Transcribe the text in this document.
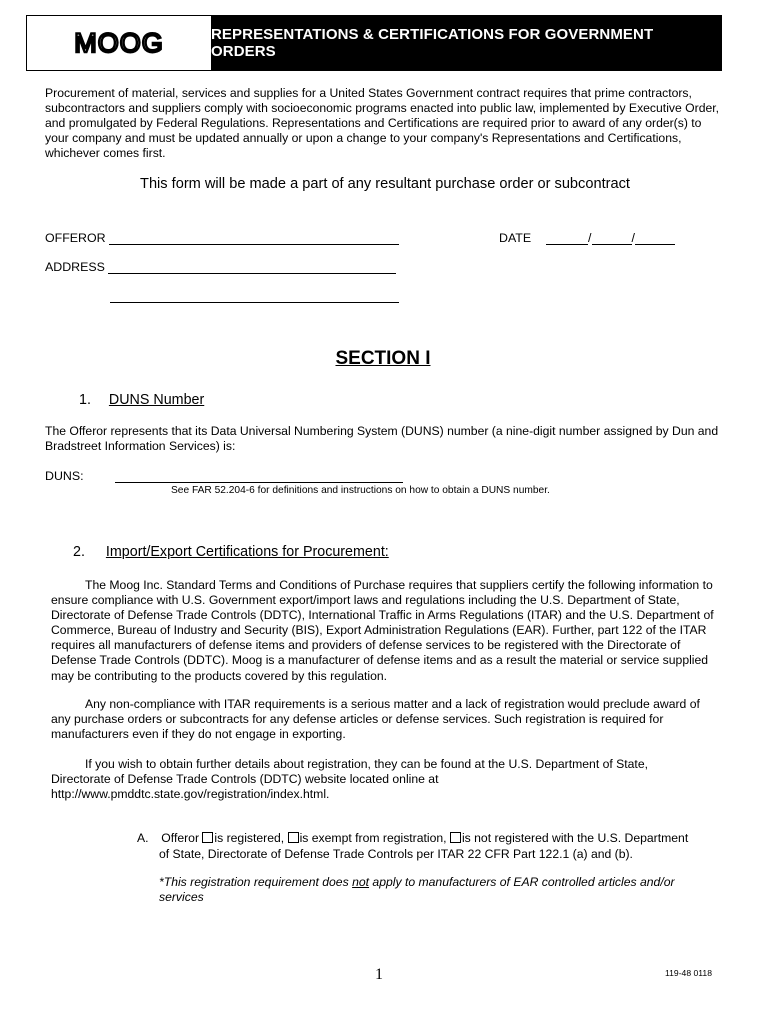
MOOG	REPRESENTATIONS & CERTIFICATIONS FOR GOVERNMENT ORDERS
Procurement of material, services and supplies for a United States Government contract requires that prime contractors, subcontractors and suppliers comply with socioeconomic programs enacted into public law, implemented by Executive Order, and promulgated by Federal Regulations. Representations and Certifications are required prior to award of any order(s) to your company and must be updated annually or upon a change to your company's Representations and Certifications, whichever comes first.
This form will be made a part of any resultant purchase order or subcontract
OFFEROR	DATE	/	/
ADDRESS
SECTION I
1. DUNS Number
The Offeror represents that its Data Universal Numbering System (DUNS) number (a nine-digit number assigned by Dun and Bradstreet Information Services) is:
DUNS:
See FAR 52.204-6 for definitions and instructions on how to obtain a DUNS number.
2. Import/Export Certifications for Procurement:
The Moog Inc. Standard Terms and Conditions of Purchase requires that suppliers certify the following information to ensure compliance with U.S. Government export/import laws and regulations including the U.S. Department of State, Directorate of Defense Trade Controls (DDTC), International Traffic in Arms Regulations (ITAR) and the U.S. Department of Commerce, Bureau of Industry and Security (BIS), Export Administration Regulations (EAR). Further, part 122 of the ITAR requires all manufacturers of defense items and providers of defense services to be registered with the Directorate of Defense Trade Controls (DDTC). Moog is a manufacturer of defense items and as a result the material or service supplied may be contributing to the products covered by this regulation.
Any non-compliance with ITAR requirements is a serious matter and a lack of registration would preclude award of any purchase orders or subcontracts for any defense articles or defense services. Such registration is required for manufacturers even if they do not engage in exporting.
If you wish to obtain further details about registration, they can be found at the U.S. Department of State, Directorate of Defense Trade Controls (DDTC) website located online at http://www.pmddtc.state.gov/registration/index.html.
A. Offeror is registered, is exempt from registration, is not registered with the U.S. Department
of State, Directorate of Defense Trade Controls per ITAR 22 CFR Part 122.1 (a) and (b).
*This registration requirement does not apply to manufacturers of EAR controlled articles and/or services
1	119-48 0118
